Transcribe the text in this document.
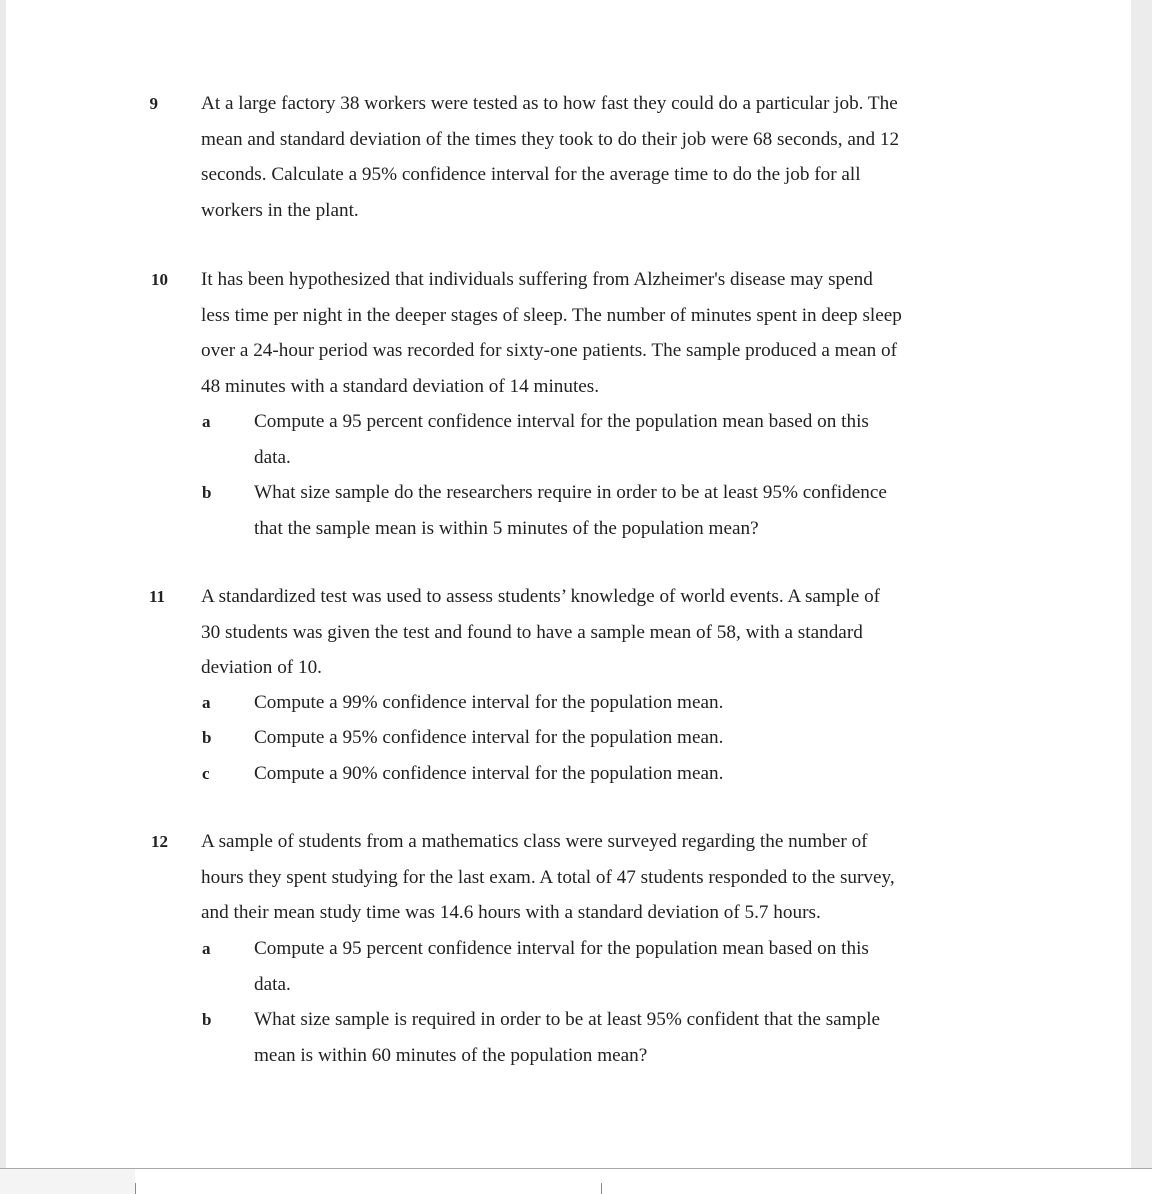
9 At a large factory 38 workers were tested as to how fast they could do a particular job. The
mean and standard deviation of the times they took to do their job were 68 seconds, and 12
seconds. Calculate a 95% confidence interval for the average time to do the job for all
workers in the plant.

10 It has been hypothesized that individuals suffering from Alzheimer's disease may spend
less time per night in the deeper stages of sleep. The number of minutes spent in deep sleep
over a 24-hour period was recorded for sixty-one patients. The sample produced a mean of
48 minutes with a standard deviation of 14 minutes.

a Compute a 95 percent confidence interval for the population mean based on this
data.

b What size sample do the researchers require in order to be at least 95% confidence
that the sample mean is within 5 minutes of the population mean?

11 A standardized test was used to assess students’ knowledge of world events. A sample of
30 students was given the test and found to have a sample mean of 58, with a standard
deviation of 10.

a Compute a 99% confidence interval for the population mean.

b Compute a 95% confidence interval for the population mean.

c Compute a 90% confidence interval for the population mean.

12 A sample of students from a mathematics class were surveyed regarding the number of
hours they spent studying for the last exam. A total of 47 students responded to the survey,
and their mean study time was 14.6 hours with a standard deviation of 5.7 hours.

a Compute a 95 percent confidence interval for the population mean based on this
data.

b What size sample is required in order to be at least 95% confident that the sample
mean is within 60 minutes of the population mean?
